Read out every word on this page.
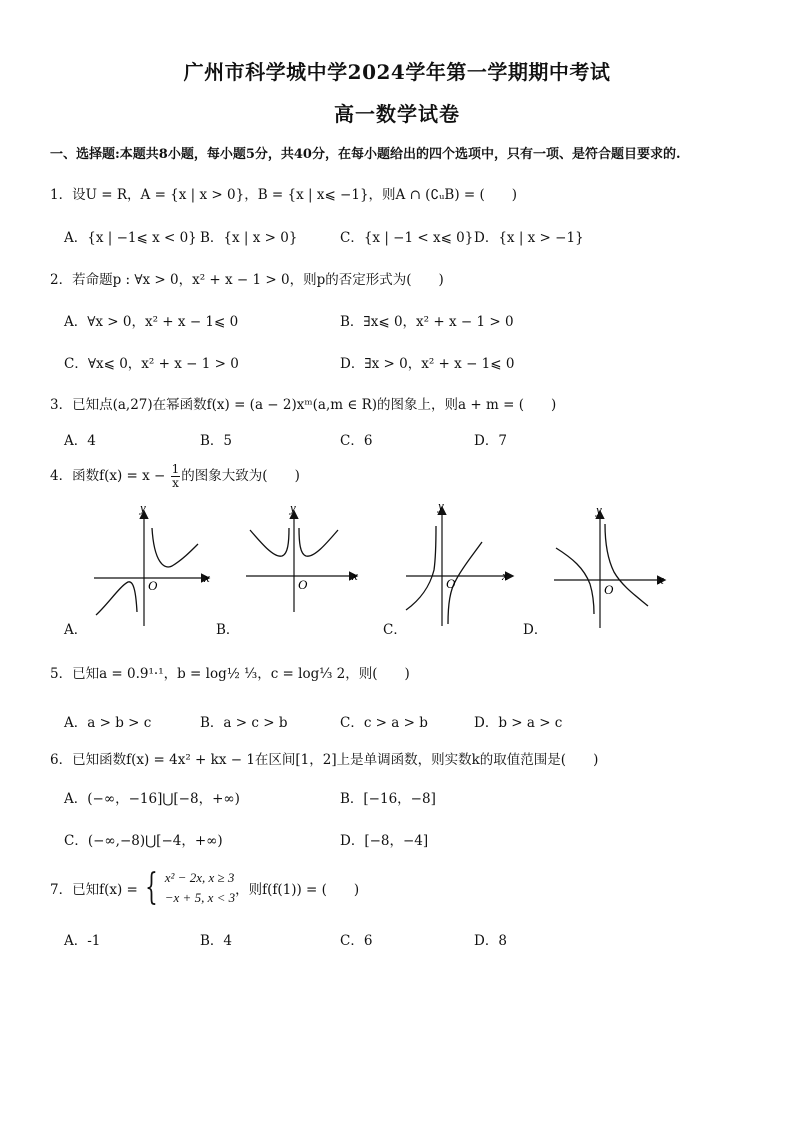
广州市科学城中学2024学年第一学期期中考试
高一数学试卷
一、选择题:本题共8小题，每小题5分，共40分，在每小题给出的四个选项中，只有一项、是符合题目要求的.
1．设U = R，A = {x | x > 0}，B = {x | x⩽ −1}，则A ∩ (∁ᵤB) = (　　)
A．{x | −1⩽ x < 0} B．{x | x > 0}	C．{x | −1 < x⩽ 0} D．{x | x > −1}
2．若命题p : ∀x > 0，x² + x − 1 > 0，则p的否定形式为(　　)
A．∀x > 0，x² + x − 1⩽ 0	B．∃x⩽ 0，x² + x − 1 > 0
C．∀x⩽ 0，x² + x − 1 > 0	D．∃x > 0，x² + x − 1⩽ 0
3．已知点(a,27)在幂函数f(x) = (a − 2)xᵐ(a,m ∈ R)的图象上，则a + m = (　　)
A．4	B．5	C．6	D．7
4．函数$f(x) = x - \frac{1}{x}$ 的图象大致为(　　)
y
x
O
y
x
O
y
x
O
y
x
O
A．	B．	C．	D．
5．已知a = 0.9¹·¹，b = log½ ⅓，c = log⅓ 2，则(　　)
A．a > b > c	B．a > c > b	C．c > a > b	D．b > a > c
6．已知函数f(x) = 4x² + kx − 1在区间[1，2]上是单调函数，则实数k的取值范围是(　　)
A．(−∞，−16]⋃[−8，+∞)	B．[−16，−8]
C．(−∞,−8)⋃[−4，+∞)	D．[−8，−4]
7．已知f(x) = { x² − 2x, x ≥ 3
−x + 5, x < 3 ，则f(f(1)) = (　　)
A．-1	B．4	C．6	D．8
